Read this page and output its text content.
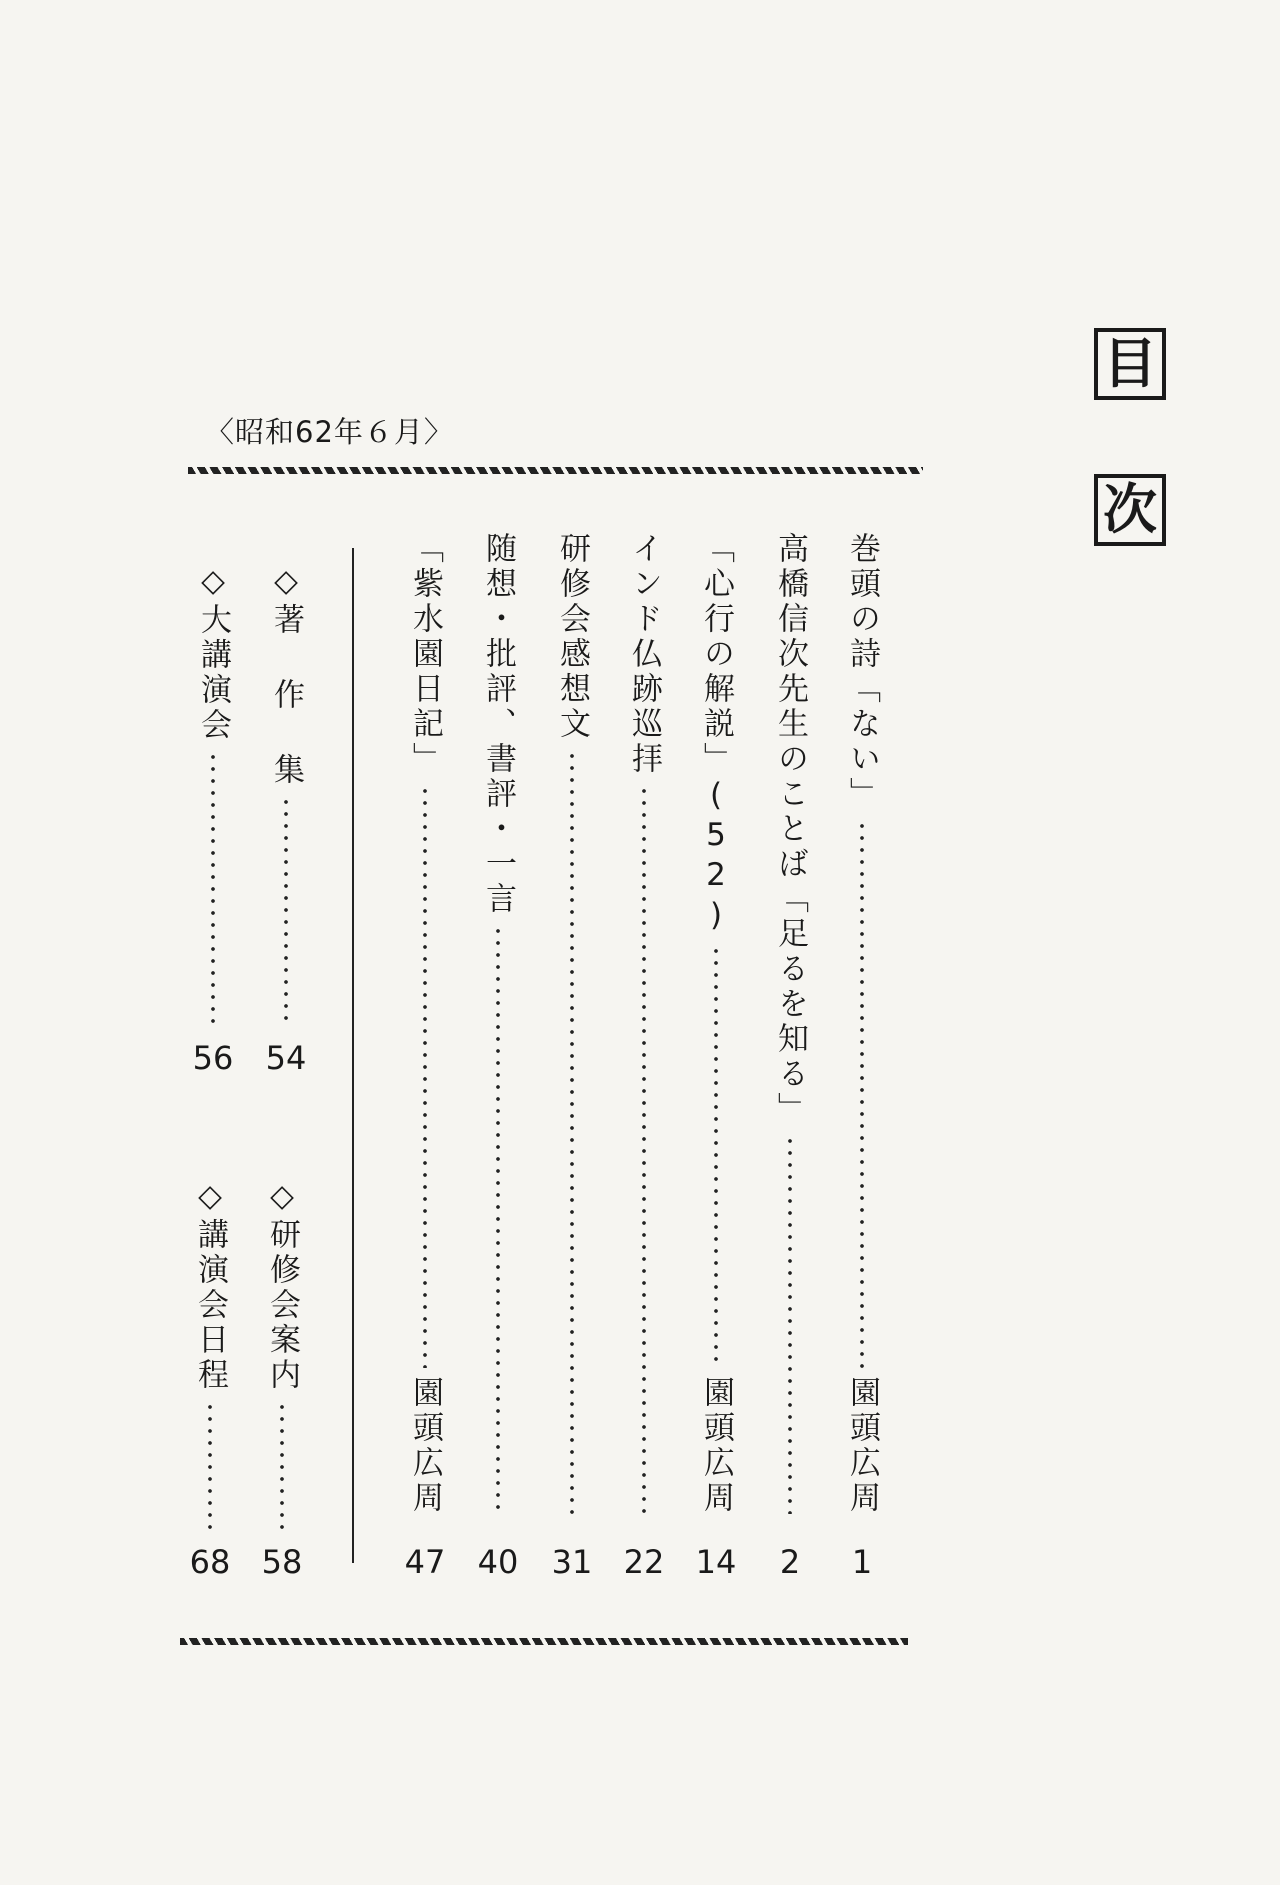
目
次
〈昭和62年６月〉
巻頭の詩「ない」
園頭広周
1
高橋信次先生のことば「足るを知る」
2
「心行の解説」(52)
園頭広周
14
インド仏跡巡拝
22
研修会感想文
31
随想・批評、書評・一言
40
「紫水園日記」
園頭広周
47
◇著 作 集
54
◇大講演会
56
◇研修会案内
58
◇講演会日程
68
